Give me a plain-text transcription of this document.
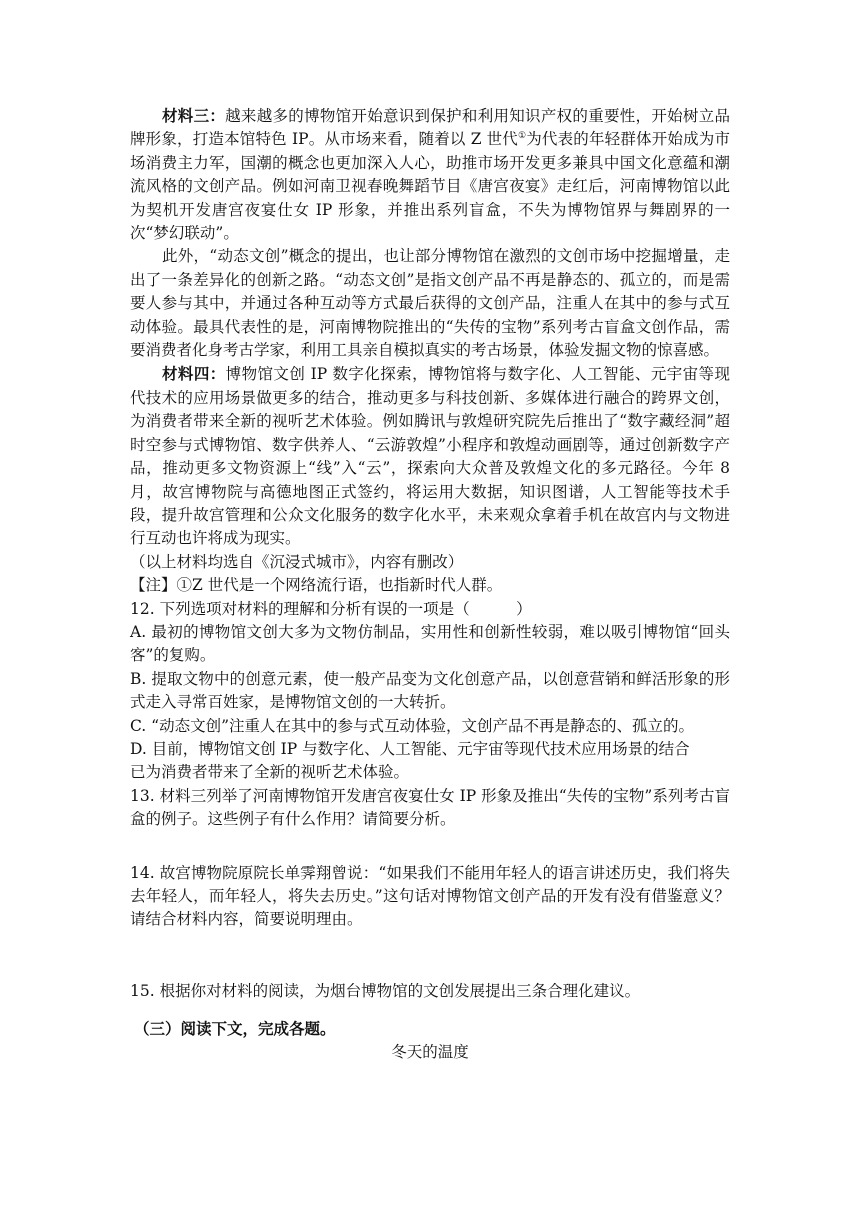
材料三：越来越多的博物馆开始意识到保护和利用知识产权的重要性，开始树立品牌形象，打造本馆特色 IP。从市场来看，随着以 Z 世代①为代表的年轻群体开始成为市场消费主力军，国潮的概念也更加深入人心，助推市场开发更多兼具中国文化意蕴和潮流风格的文创产品。例如河南卫视春晚舞蹈节目《唐宫夜宴》走红后，河南博物馆以此为契机开发唐宫夜宴仕女 IP 形象，并推出系列盲盒，不失为博物馆界与舞剧界的一次“梦幻联动”。

此外，“动态文创”概念的提出，也让部分博物馆在激烈的文创市场中挖掘增量，走出了一条差异化的创新之路。“动态文创”是指文创产品不再是静态的、孤立的，而是需要人参与其中，并通过各种互动等方式最后获得的文创产品，注重人在其中的参与式互动体验。最具代表性的是，河南博物院推出的“失传的宝物”系列考古盲盒文创作品，需要消费者化身考古学家，利用工具亲自模拟真实的考古场景，体验发掘文物的惊喜感。

材料四：博物馆文创 IP 数字化探索，博物馆将与数字化、人工智能、元宇宙等现代技术的应用场景做更多的结合，推动更多与科技创新、多媒体进行融合的跨界文创，为消费者带来全新的视听艺术体验。例如腾讯与敦煌研究院先后推出了“数字藏经洞”超时空参与式博物馆、数字供养人、“云游敦煌”小程序和敦煌动画剧等，通过创新数字产品，推动更多文物资源上“线”入“云”，探索向大众普及敦煌文化的多元路径。今年 8 月，故宫博物院与高德地图正式签约，将运用大数据，知识图谱，人工智能等技术手段，提升故宫管理和公众文化服务的数字化水平，未来观众拿着手机在故宫内与文物进行互动也许将成为现实。

（以上材料均选自《沉浸式城市》，内容有删改）

【注】①Z 世代是一个网络流行语，也指新时代人群。

12. 下列选项对材料的理解和分析有误的一项是（　　　）

A. 最初的博物馆文创大多为文物仿制品，实用性和创新性较弱，难以吸引博物馆“回头客”的复购。

B. 提取文物中的创意元素，使一般产品变为文化创意产品，以创意营销和鲜活形象的形式走入寻常百姓家，是博物馆文创的一大转折。

C. “动态文创”注重人在其中的参与式互动体验，文创产品不再是静态的、孤立的。

D. 目前，博物馆文创 IP 与数字化、人工智能、元宇宙等现代技术应用场景的结合

已为消费者带来了全新的视听艺术体验。

13. 材料三列举了河南博物馆开发唐宫夜宴仕女 IP 形象及推出“失传的宝物”系列考古盲盒的例子。这些例子有什么作用？请简要分析。

14. 故宫博物院原院长单霁翔曾说：“如果我们不能用年轻人的语言讲述历史，我们将失去年轻人，而年轻人，将失去历史。”这句话对博物馆文创产品的开发有没有借鉴意义？请结合材料内容，简要说明理由。

15. 根据你对材料的阅读，为烟台博物馆的文创发展提出三条合理化建议。

（三）阅读下文，完成各题。

冬天的温度
